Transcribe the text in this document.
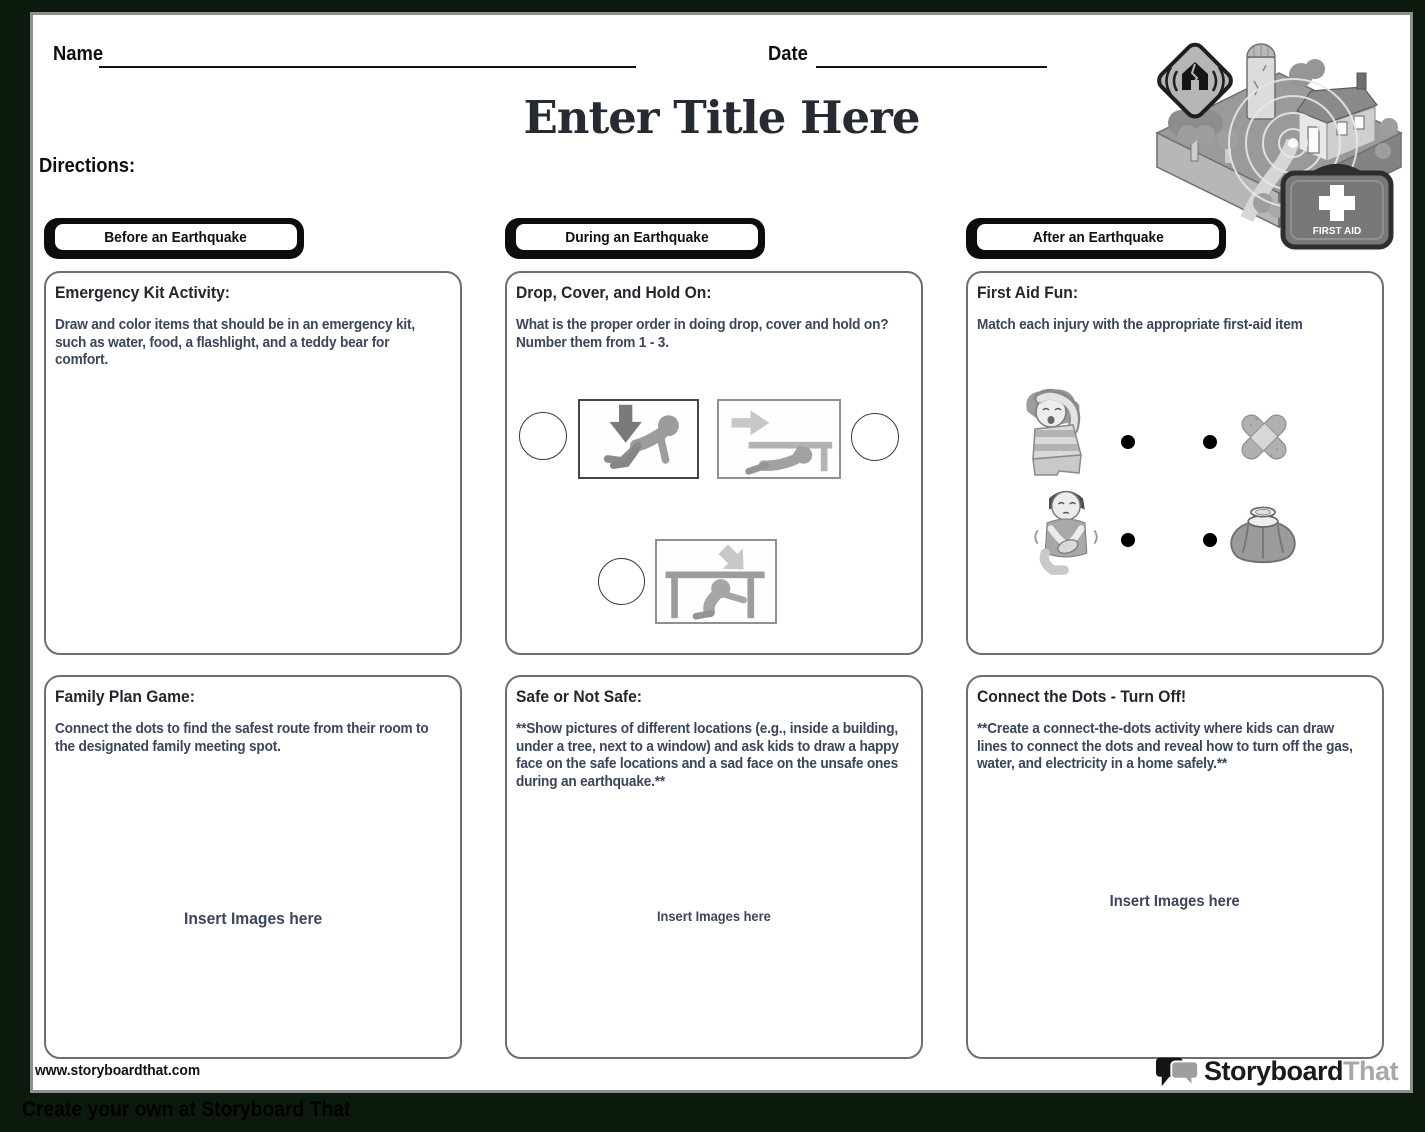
Name	Date
Enter Title Here
Directions:
FIRST AID
Before an Earthquake	During an Earthquake	After an Earthquake
Emergency Kit Activity:
Draw and color items that should be in an emergency kit, such as water, food, a flashlight, and a teddy bear for comfort.
Drop, Cover, and Hold On:
What is the proper order in doing drop, cover and hold on? Number them from 1 - 3.
First Aid Fun:
Match each injury with the appropriate first-aid item
Family Plan Game:
Connect the dots to find the safest route from their room to the designated family meeting spot.
Insert Images here
Safe or Not Safe:
**Show pictures of different locations (e.g., inside a building, under a tree, next to a window) and ask kids to draw a happy face on the safe locations and a sad face on the unsafe ones during an earthquake.**
Insert Images here
Connect the Dots - Turn Off!
**Create a connect-the-dots activity where kids can draw lines to connect the dots and reveal how to turn off the gas, water, and electricity in a home safely.**
Insert Images here
www.storyboardthat.com	StoryboardThat
Create your own at Storyboard That
